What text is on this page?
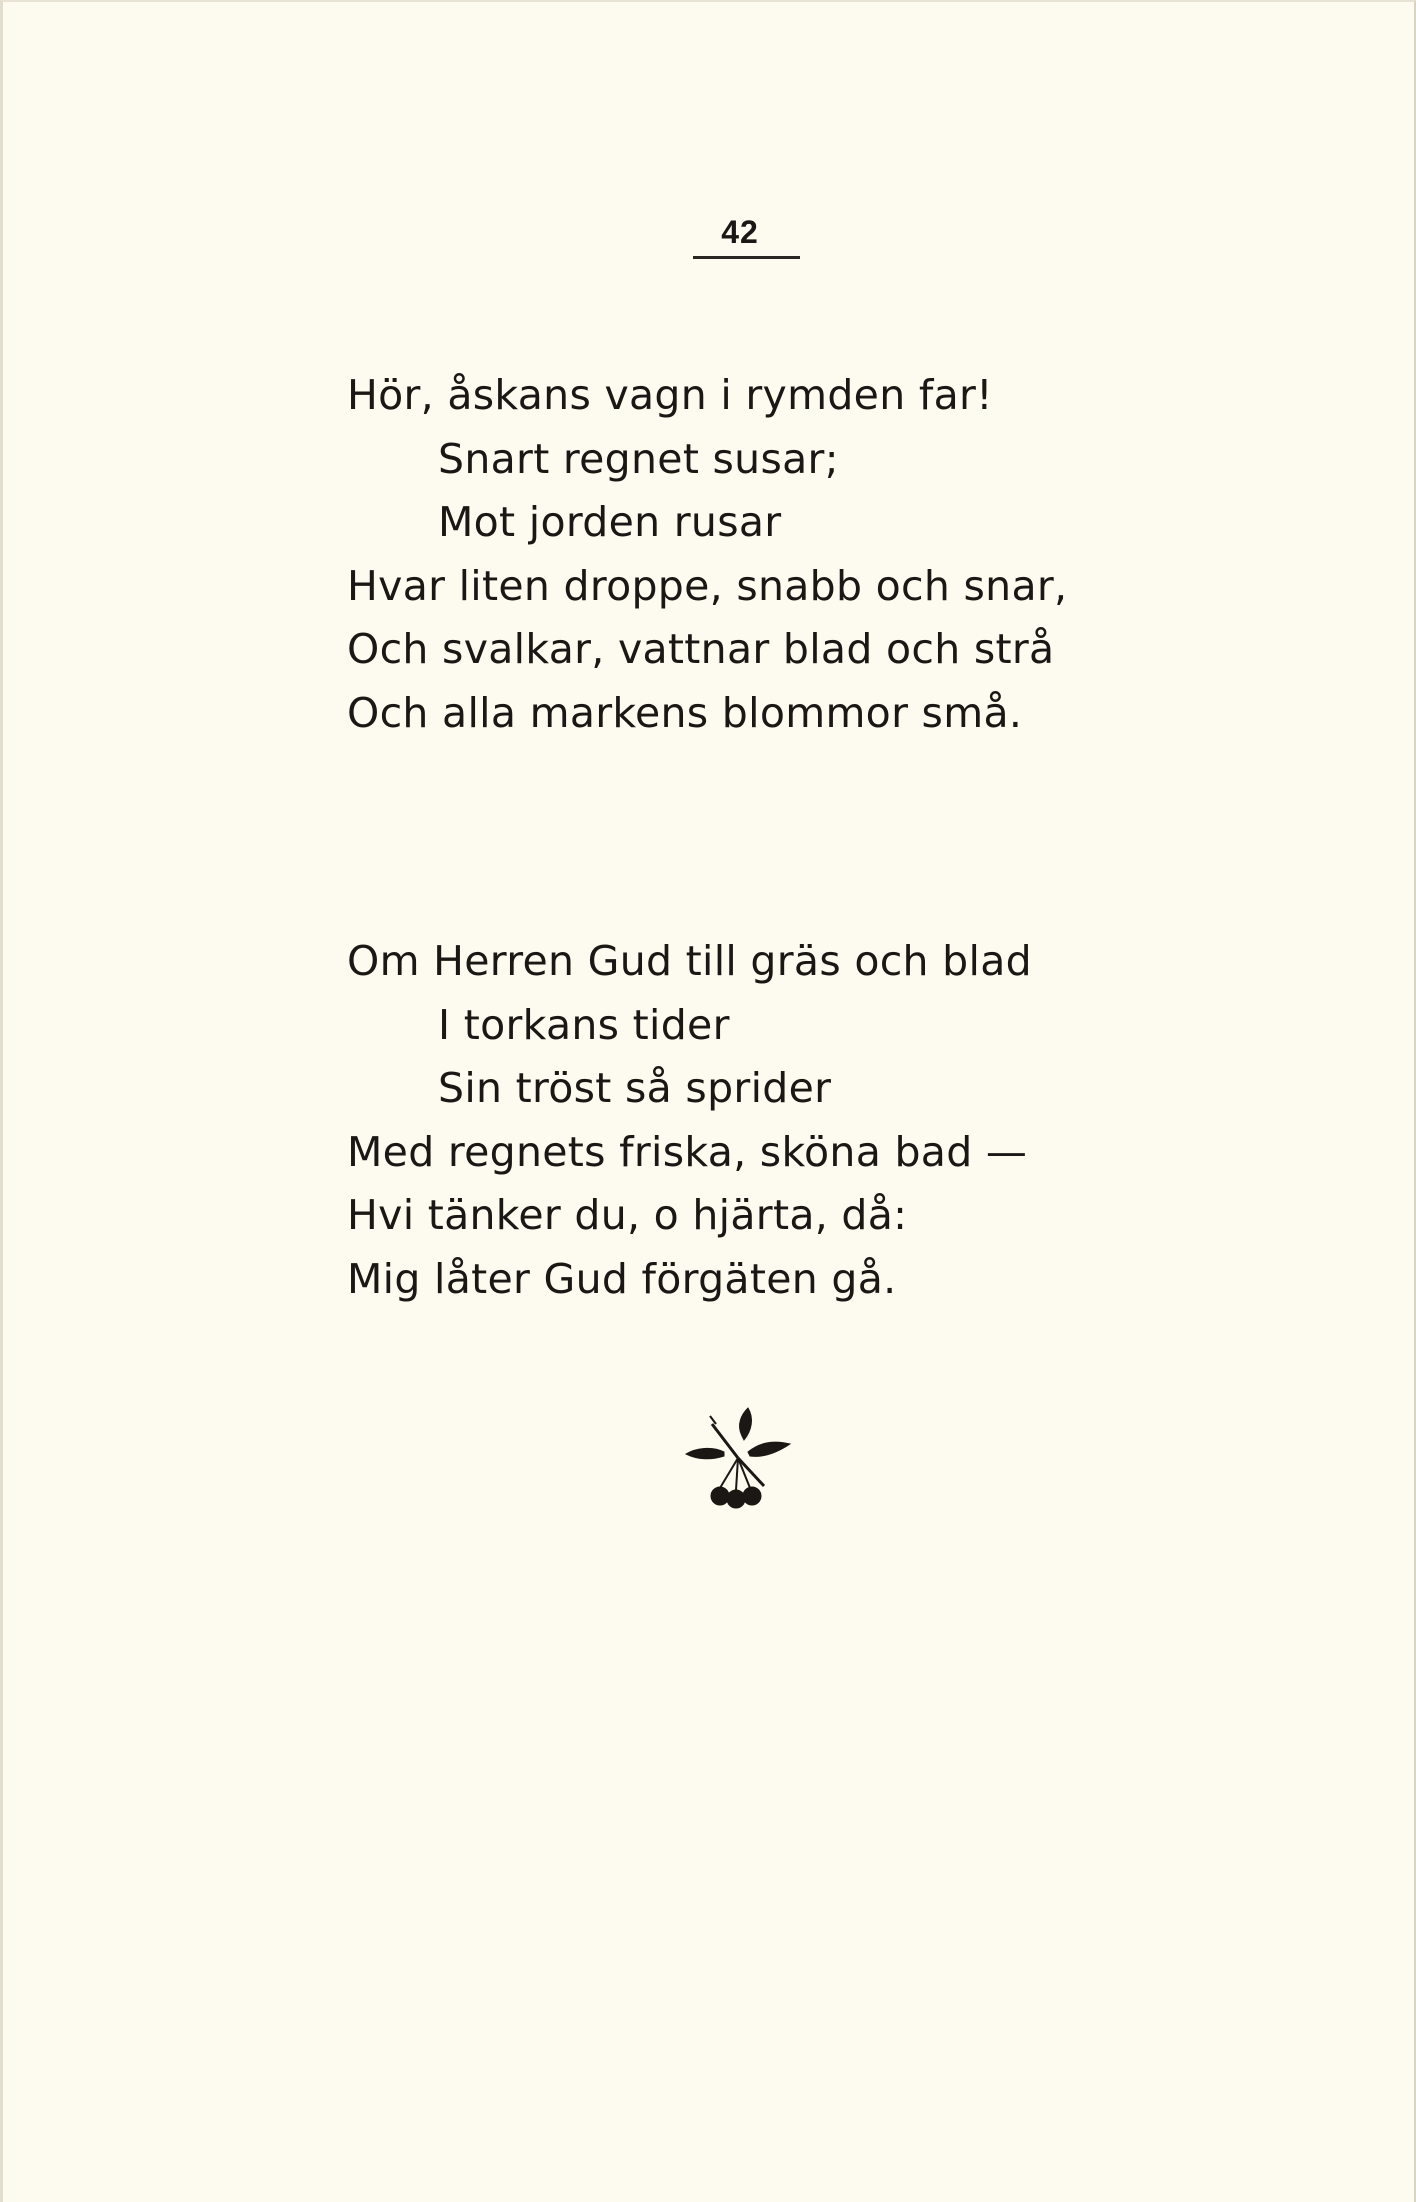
42
Hör, åskans vagn i rymden far!
Snart regnet susar;
Mot jorden rusar
Hvar liten droppe, snabb och snar,
Och svalkar, vattnar blad och strå
Och alla markens blommor små.
Om Herren Gud till gräs och blad
I torkans tider
Sin tröst så sprider
Med regnets friska, sköna bad —
Hvi tänker du, o hjärta, då:
Mig låter Gud förgäten gå.
